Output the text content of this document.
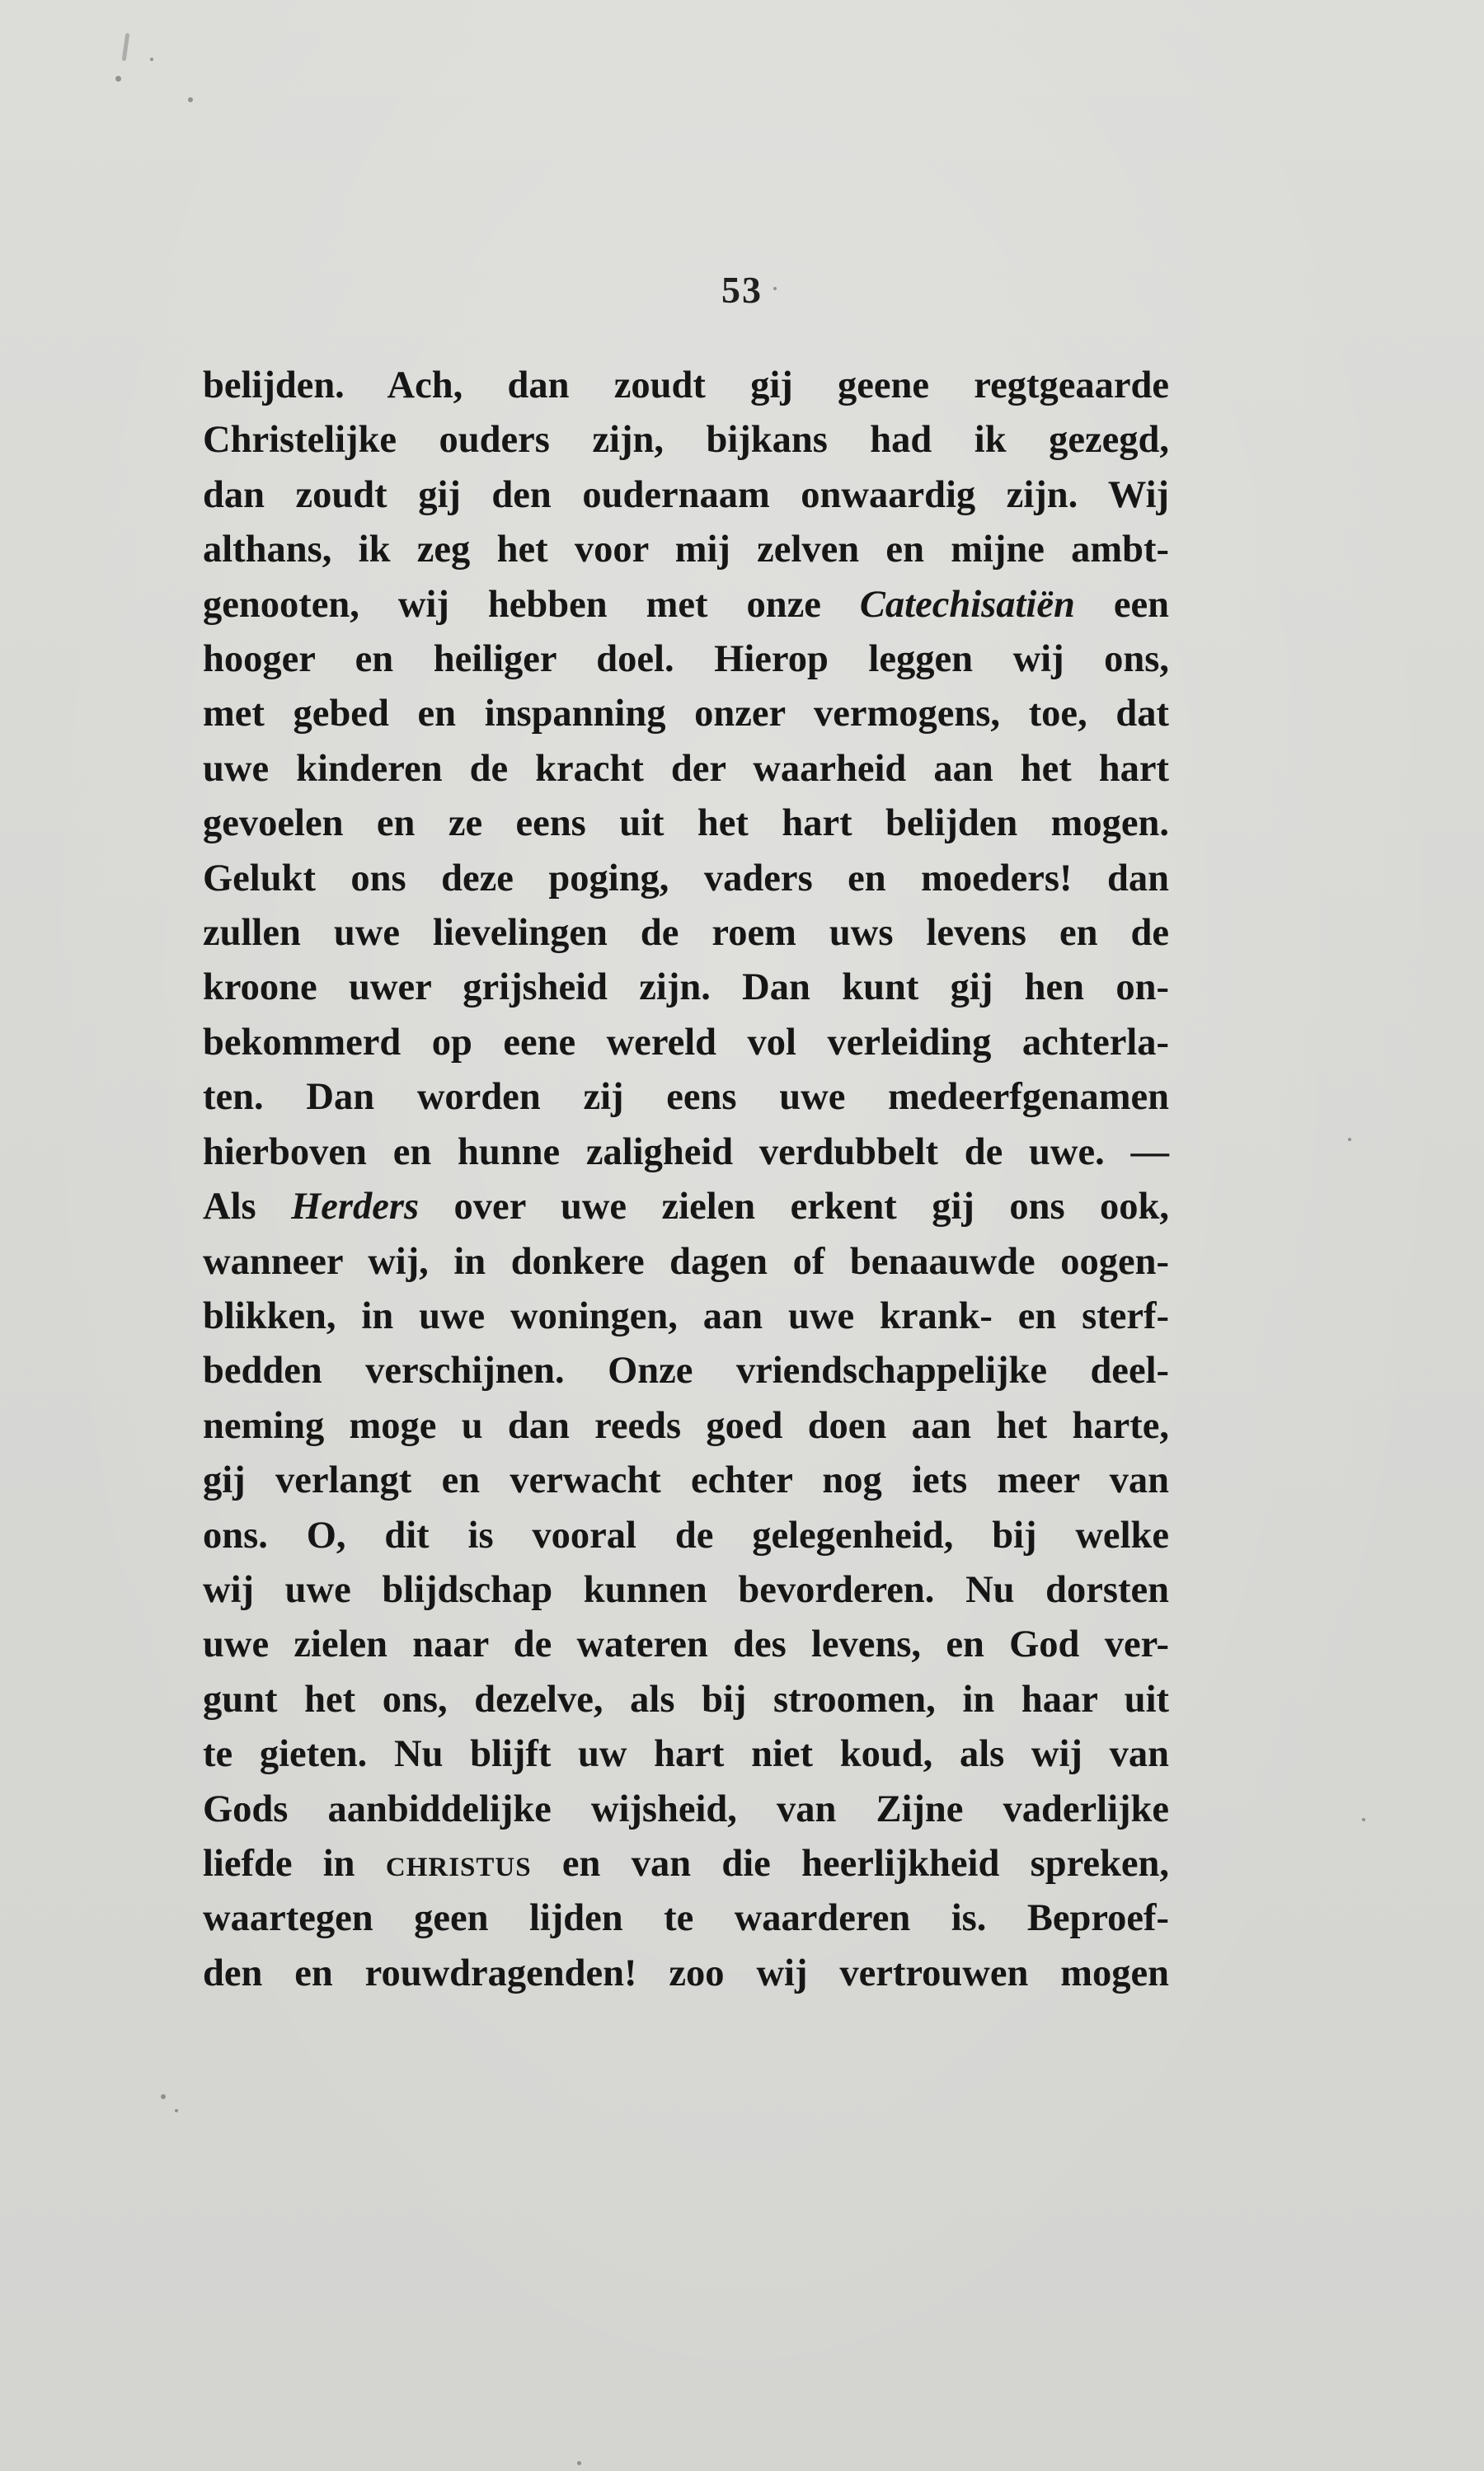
53
belijden. Ach, dan zoudt gij geene regtgeaarde
Christelijke ouders zijn, bijkans had ik gezegd,
dan zoudt gij den oudernaam onwaardig zijn. Wij
althans, ik zeg het voor mij zelven en mijne ambt-
genooten, wij hebben met onze Catechisatiën een
hooger en heiliger doel. Hierop leggen wij ons,
met gebed en inspanning onzer vermogens, toe, dat
uwe kinderen de kracht der waarheid aan het hart
gevoelen en ze eens uit het hart belijden mogen.
Gelukt ons deze poging, vaders en moeders! dan
zullen uwe lievelingen de roem uws levens en de
kroone uwer grijsheid zijn. Dan kunt gij hen on-
bekommerd op eene wereld vol verleiding achterla-
ten. Dan worden zij eens uwe medeerfgenamen
hierboven en hunne zaligheid verdubbelt de uwe. —
Als Herders over uwe zielen erkent gij ons ook,
wanneer wij, in donkere dagen of benaauwde oogen-
blikken, in uwe woningen, aan uwe krank- en sterf-
bedden verschijnen. Onze vriendschappelijke deel-
neming moge u dan reeds goed doen aan het harte,
gij verlangt en verwacht echter nog iets meer van
ons. O, dit is vooral de gelegenheid, bij welke
wij uwe blijdschap kunnen bevorderen. Nu dorsten
uwe zielen naar de wateren des levens, en God ver-
gunt het ons, dezelve, als bij stroomen, in haar uit
te gieten. Nu blijft uw hart niet koud, als wij van
Gods aanbiddelijke wijsheid, van Zijne vaderlijke
liefde in christus en van die heerlijkheid spreken,
waartegen geen lijden te waarderen is. Beproef-
den en rouwdragenden! zoo wij vertrouwen mogen
